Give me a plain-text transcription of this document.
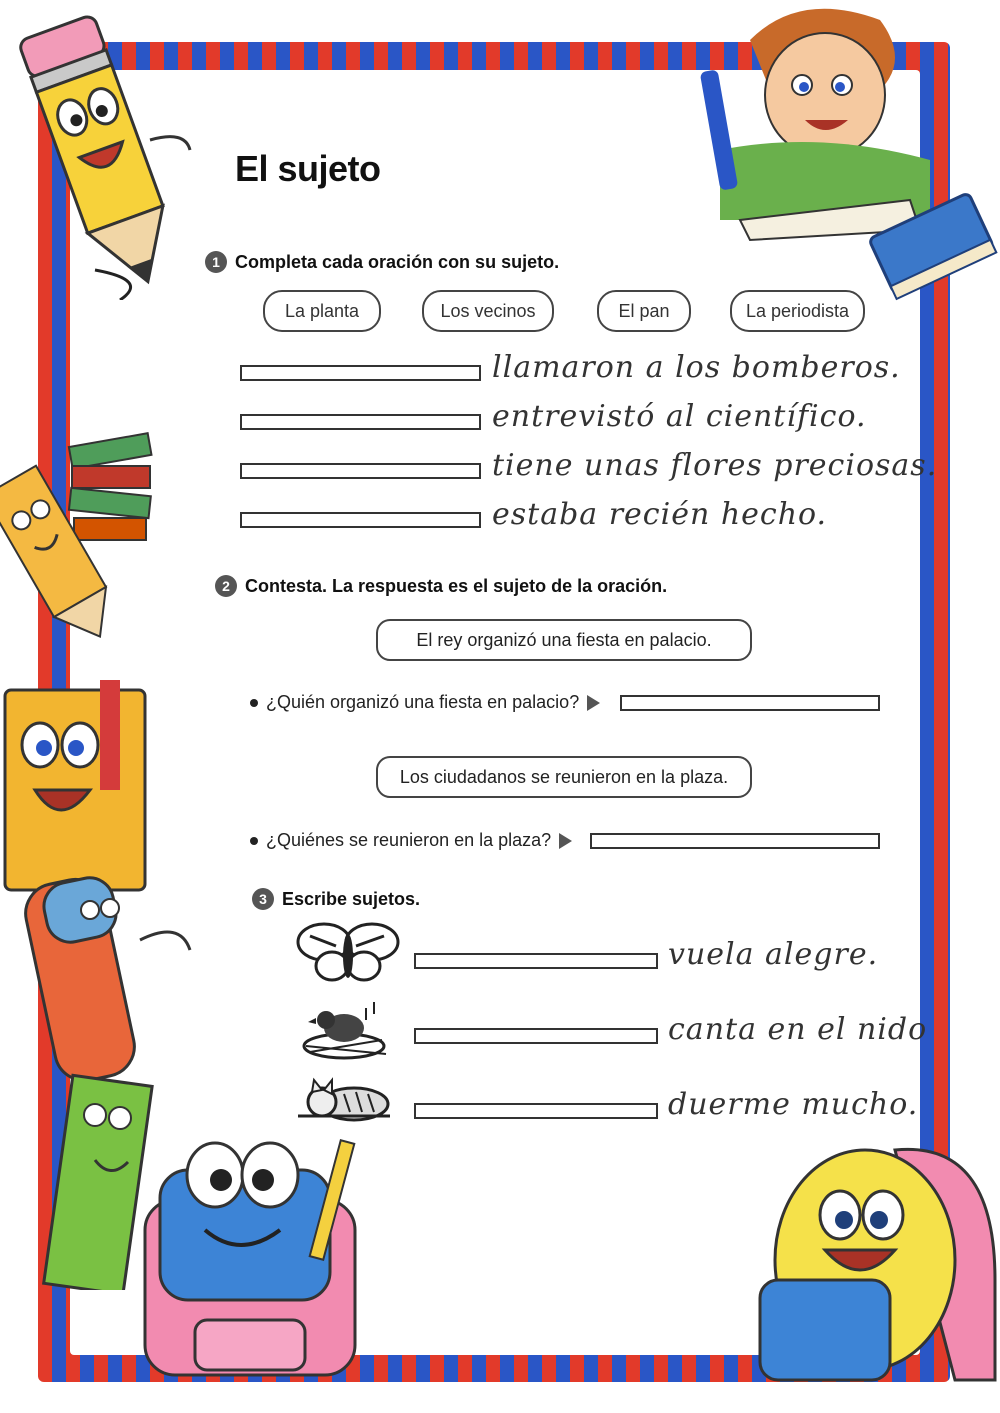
El sujeto
1 Completa cada oración con su sujeto.
La planta	Los vecinos	El pan	La periodista
llamaron a los bomberos.
entrevistó al científico.
tiene unas flores preciosas.
estaba recién hecho.
2 Contesta. La respuesta es el sujeto de la oración.
El rey organizó una fiesta en palacio.
¿Quién organizó una fiesta en palacio?
Los ciudadanos se reunieron en la plaza.
¿Quiénes se reunieron en la plaza?
3 Escribe sujetos.
vuela alegre.
canta en el nido
duerme mucho.
